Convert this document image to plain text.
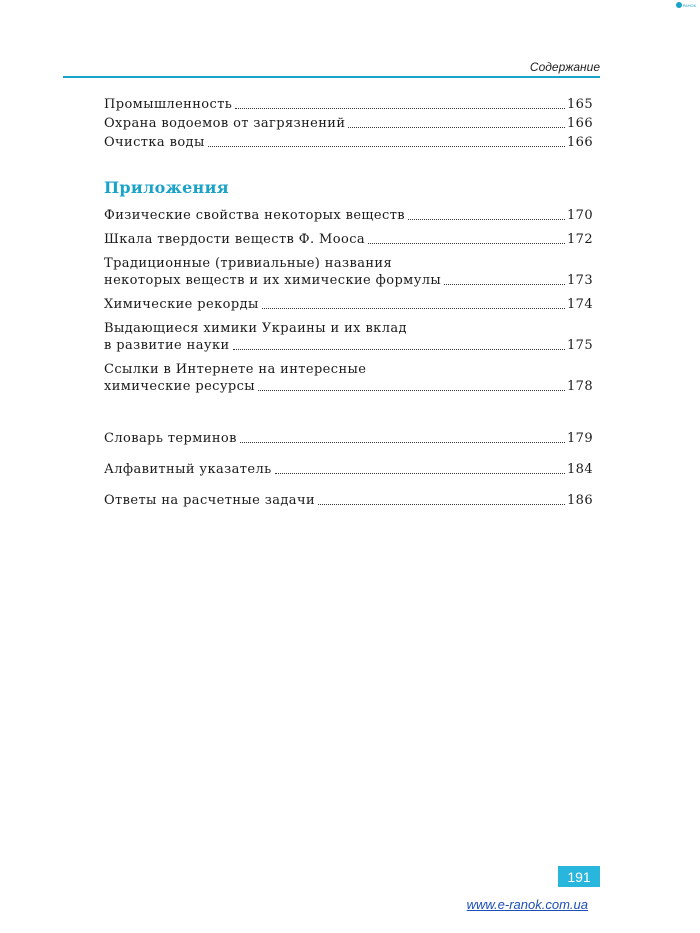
РАНОК
Содержание
Промышленность	165
Охрана водоемов от загрязнений	166
Очистка воды	166
Приложения
Физические свойства некоторых веществ	170
Шкала твердости веществ Ф. Мооса	172
Традиционные (тривиальные) названия
некоторых веществ и их химические формулы	173
Химические рекорды	174
Выдающиеся химики Украины и их вклад
в развитие науки	175
Ссылки в Интернете на интересные
химические ресурсы	178
Словарь терминов	179
Алфавитный указатель	184
Ответы на расчетные задачи	186
191
www.e-ranok.com.ua
